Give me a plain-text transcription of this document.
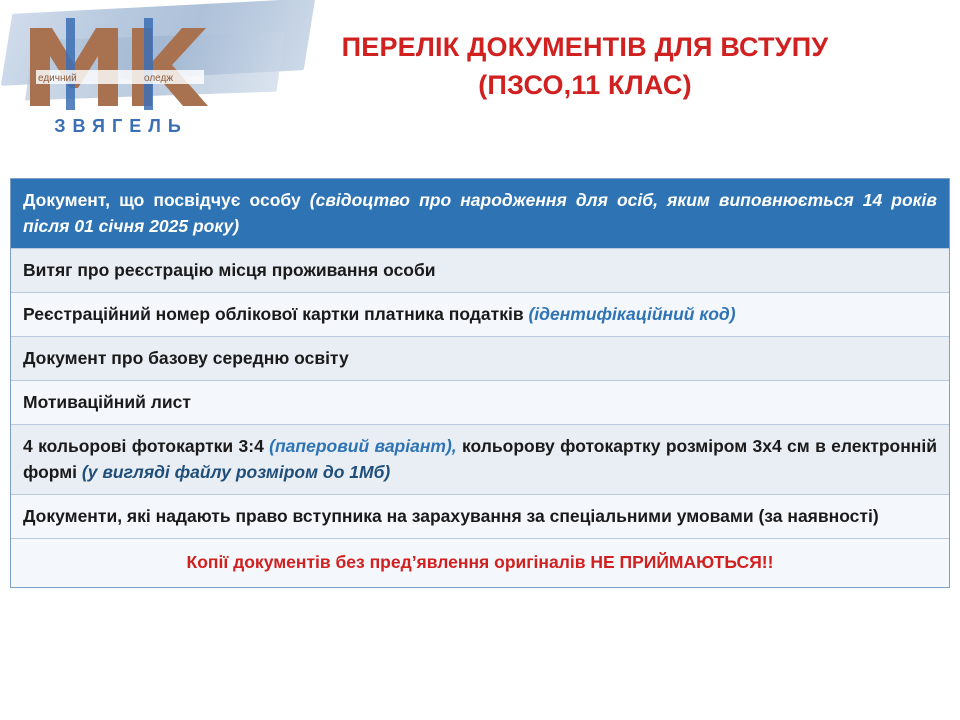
едичний	оледж
ЗВЯГЕЛЬ
ПЕРЕЛІК ДОКУМЕНТІВ ДЛЯ ВСТУПУ
(ПЗСО,11 КЛАС)
Документ, що посвідчує особу (свідоцтво про народження для осіб, яким виповнюється 14 років після 01 січня 2025 року)
Витяг про реєстрацію місця проживання особи
Реєстраційний номер облікової картки платника податків (ідентифікаційний код)
Документ про базову середню освіту
Мотиваційний лист
4 кольорові фотокартки 3:4 (паперовий варіант), кольорову фотокартку розміром 3х4 см в електронній формі (у вигляді файлу розміром до 1Мб)
Документи, які надають право вступника на зарахування за спеціальними умовами (за наявності)
Копії документів без пред’явлення оригіналів НЕ ПРИЙМАЮТЬСЯ!!
